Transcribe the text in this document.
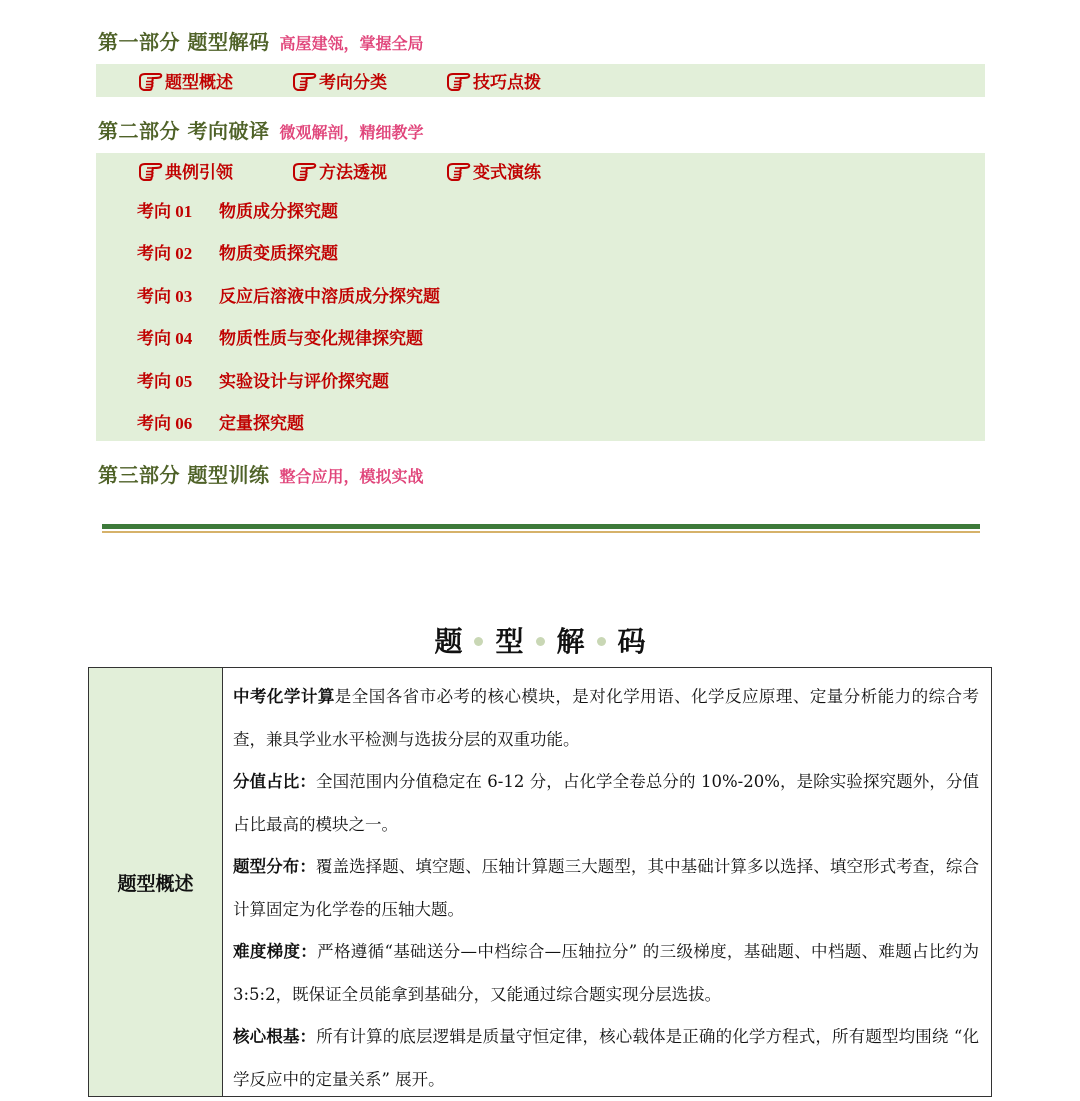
第一部分 题型解码 高屋建瓴，掌握全局
题型概述	考向分类	技巧点拨
第二部分 考向破译 微观解剖，精细教学
典例引领	方法透视	变式演练
考向 01	物质成分探究题
考向 02	物质变质探究题
考向 03	反应后溶液中溶质成分探究题
考向 04	物质性质与变化规律探究题
考向 05	实验设计与评价探究题
考向 06	定量探究题
第三部分 题型训练 整合应用，模拟实战
题 型 解 码
题型概述
中考化学计算是全国各省市必考的核心模块，是对化学用语、化学反应原理、定量分析能力的综合考查，兼具学业水平检测与选拔分层的双重功能。
分值占比：全国范围内分值稳定在 6-12 分，占化学全卷总分的 10%-20%，是除实验探究题外，分值占比最高的模块之一。
题型分布：覆盖选择题、填空题、压轴计算题三大题型，其中基础计算多以选择、填空形式考查，综合计算固定为化学卷的压轴大题。
难度梯度：严格遵循“基础送分—中档综合—压轴拉分” 的三级梯度，基础题、中档题、难题占比约为 3:5:2，既保证全员能拿到基础分，又能通过综合题实现分层选拔。
核心根基：所有计算的底层逻辑是质量守恒定律，核心载体是正确的化学方程式，所有题型均围绕 “化学反应中的定量关系” 展开。
